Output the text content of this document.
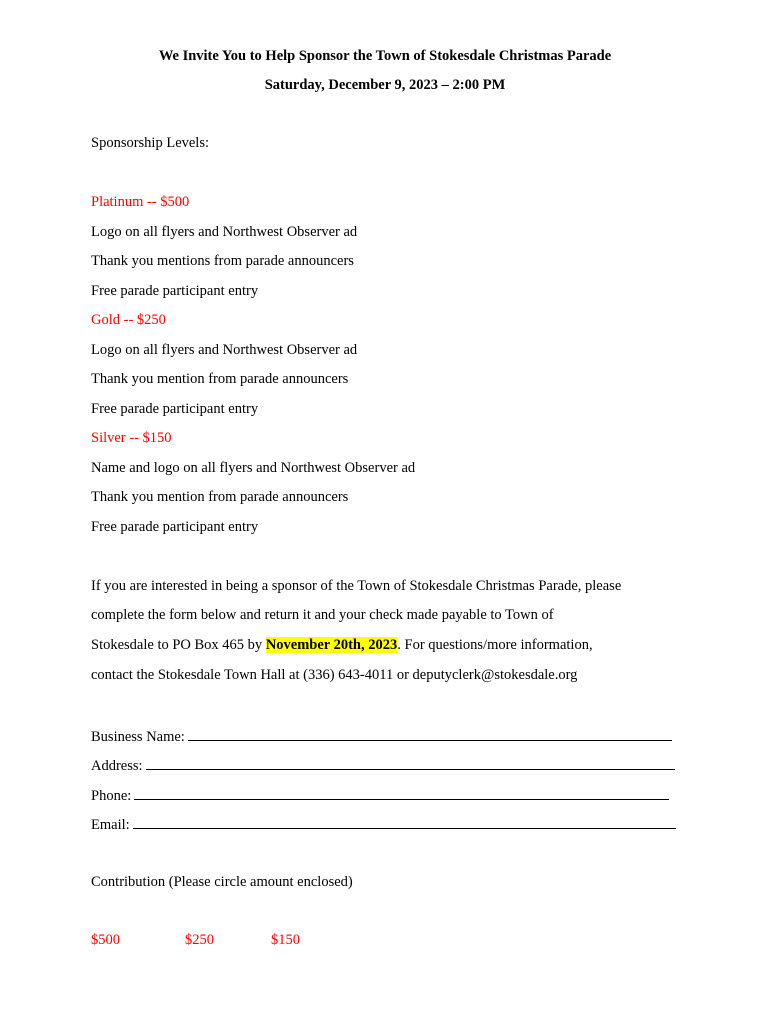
We Invite You to Help Sponsor the Town of Stokesdale Christmas Parade
Saturday, December 9, 2023 – 2:00 PM
Sponsorship Levels:
Platinum -- $500
Logo on all flyers and Northwest Observer ad
Thank you mentions from parade announcers
Free parade participant entry
Gold -- $250
Logo on all flyers and Northwest Observer ad
Thank you mention from parade announcers
Free parade participant entry
Silver -- $150
Name and logo on all flyers and Northwest Observer ad
Thank you mention from parade announcers
Free parade participant entry
If you are interested in being a sponsor of the Town of Stokesdale Christmas Parade, please
complete the form below and return it and your check made payable to Town of
Stokesdale to PO Box 465 by November 20th, 2023. For questions/more information,
contact the Stokesdale Town Hall at (336) 643-4011 or deputyclerk@stokesdale.org
Business Name:
Address:
Phone:
Email:
Contribution (Please circle amount enclosed)
$500	$250	$150
